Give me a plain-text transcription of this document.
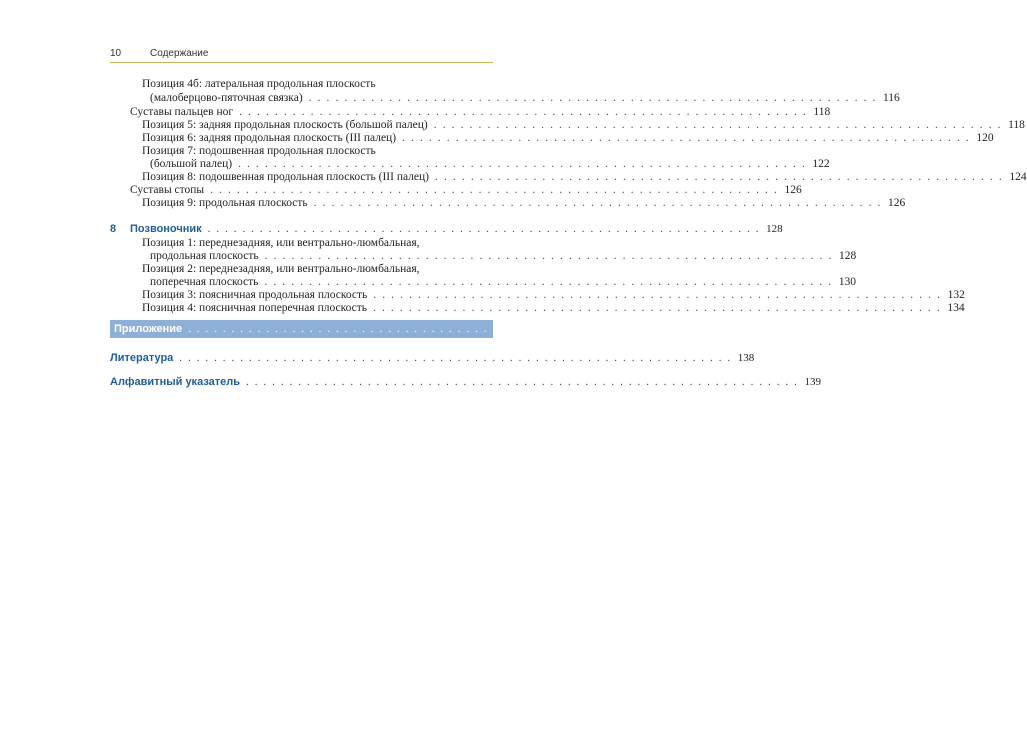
10	Содержание
Позиция 4б: латеральная продольная плоскость
(малоберцово-пяточная связка) . . . . . . . . . . . . . . . . . . . . . . . . . . . . . . . . . . . . . . . . . . . . . . . . . . . . . . . . . . . . . . . . 116
Суставы пальцев ног . . . . . . . . . . . . . . . . . . . . . . . . . . . . . . . . . . . . . . . . . . . . . . . . . . . . . . . . . . . . . . . . 118
Позиция 5: задняя продольная плоскость (большой палец) . . . . . . . . . . . . . . . . . . . . . . . . . . . . . . . . . . . . . . . . . . . . . . . . . . . . . . . . . . . . . . . . 118
Позиция 6: задняя продольная плоскость (III палец) . . . . . . . . . . . . . . . . . . . . . . . . . . . . . . . . . . . . . . . . . . . . . . . . . . . . . . . . . . . . . . . . 120
Позиция 7: подошвенная продольная плоскость
(большой палец) . . . . . . . . . . . . . . . . . . . . . . . . . . . . . . . . . . . . . . . . . . . . . . . . . . . . . . . . . . . . . . . . 122
Позиция 8: подошвенная продольная плоскость (III палец) . . . . . . . . . . . . . . . . . . . . . . . . . . . . . . . . . . . . . . . . . . . . . . . . . . . . . . . . . . . . . . . . 124
Суставы стопы . . . . . . . . . . . . . . . . . . . . . . . . . . . . . . . . . . . . . . . . . . . . . . . . . . . . . . . . . . . . . . . . 126
Позиция 9: продольная плоскость . . . . . . . . . . . . . . . . . . . . . . . . . . . . . . . . . . . . . . . . . . . . . . . . . . . . . . . . . . . . . . . . 126
8 Позвоночник . . . . . . . . . . . . . . . . . . . . . . . . . . . . . . . . . . . . . . . . . . . . . . . . . . . . . . . . . . . . . . . . 128
Позиция 1: переднезадняя, или вентрально-люмбальная,
продольная плоскость . . . . . . . . . . . . . . . . . . . . . . . . . . . . . . . . . . . . . . . . . . . . . . . . . . . . . . . . . . . . . . . . 128
Позиция 2: переднезадняя, или вентрально-люмбальная,
поперечная плоскость . . . . . . . . . . . . . . . . . . . . . . . . . . . . . . . . . . . . . . . . . . . . . . . . . . . . . . . . . . . . . . . . 130
Позиция 3: поясничная продольная плоскость . . . . . . . . . . . . . . . . . . . . . . . . . . . . . . . . . . . . . . . . . . . . . . . . . . . . . . . . . . . . . . . . 132
Позиция 4: поясничная поперечная плоскость . . . . . . . . . . . . . . . . . . . . . . . . . . . . . . . . . . . . . . . . . . . . . . . . . . . . . . . . . . . . . . . . 134
Приложение . . . . . . . . . . . . . . . . . . . . . . . . . . . . . . . . . . . . . . . . . . . . . . . . . . . . . . . . . . . . . . . . 137
Литература . . . . . . . . . . . . . . . . . . . . . . . . . . . . . . . . . . . . . . . . . . . . . . . . . . . . . . . . . . . . . . . . 138
Алфавитный указатель . . . . . . . . . . . . . . . . . . . . . . . . . . . . . . . . . . . . . . . . . . . . . . . . . . . . . . . . . . . . . . . . 139
